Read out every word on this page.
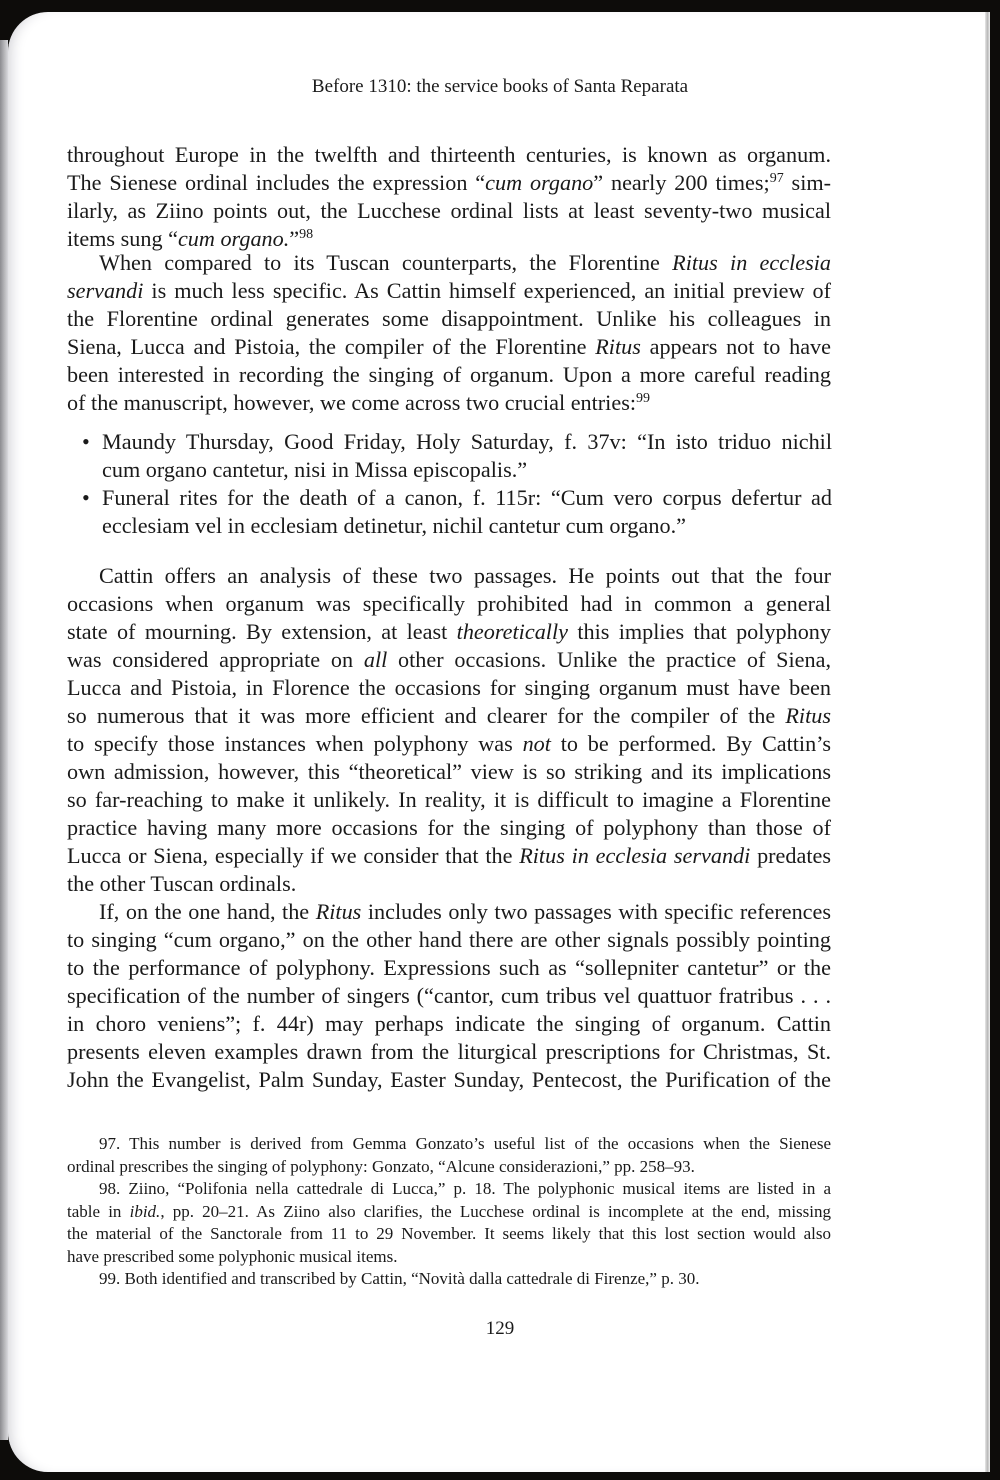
Before 1310: the service books of Santa Reparata
throughout Europe in the twelfth and thirteenth centuries, is known as organum.
The Sienese ordinal includes the expression “cum organo” nearly 200 times;$^{97}$ sim-
ilarly, as Ziino points out, the Lucchese ordinal lists at least seventy-two musical
items sung “cum organo.”$^{98}$
When compared to its Tuscan counterparts, the Florentine Ritus in ecclesia
servandi is much less specific. As Cattin himself experienced, an initial preview of
the Florentine ordinal generates some disappointment. Unlike his colleagues in
Siena, Lucca and Pistoia, the compiler of the Florentine Ritus appears not to have
been interested in recording the singing of organum. Upon a more careful reading
of the manuscript, however, we come across two crucial entries:$^{99}$
• Maundy Thursday, Good Friday, Holy Saturday, f. 37v: “In isto triduo nichil
cum organo cantetur, nisi in Missa episcopalis.”
• Funeral rites for the death of a canon, f. 115r: “Cum vero corpus defertur ad
ecclesiam vel in ecclesiam detinetur, nichil cantetur cum organo.”
Cattin offers an analysis of these two passages. He points out that the four
occasions when organum was specifically prohibited had in common a general
state of mourning. By extension, at least theoretically this implies that polyphony
was considered appropriate on all other occasions. Unlike the practice of Siena,
Lucca and Pistoia, in Florence the occasions for singing organum must have been
so numerous that it was more efficient and clearer for the compiler of the Ritus
to specify those instances when polyphony was not to be performed. By Cattin’s
own admission, however, this “theoretical” view is so striking and its implications
so far-reaching to make it unlikely. In reality, it is difficult to imagine a Florentine
practice having many more occasions for the singing of polyphony than those of
Lucca or Siena, especially if we consider that the Ritus in ecclesia servandi predates
the other Tuscan ordinals.
If, on the one hand, the Ritus includes only two passages with specific references
to singing “cum organo,” on the other hand there are other signals possibly pointing
to the performance of polyphony. Expressions such as “sollepniter cantetur” or the
specification of the number of singers (“cantor, cum tribus vel quattuor fratribus . . .
in choro veniens”; f. 44r) may perhaps indicate the singing of organum. Cattin
presents eleven examples drawn from the liturgical prescriptions for Christmas, St.
John the Evangelist, Palm Sunday, Easter Sunday, Pentecost, the Purification of the
97. This number is derived from Gemma Gonzato’s useful list of the occasions when the Sienese
ordinal prescribes the singing of polyphony: Gonzato, “Alcune considerazioni,” pp. 258–93.
98. Ziino, “Polifonia nella cattedrale di Lucca,” p. 18. The polyphonic musical items are listed in a
table in ibid., pp. 20–21. As Ziino also clarifies, the Lucchese ordinal is incomplete at the end, missing
the material of the Sanctorale from 11 to 29 November. It seems likely that this lost section would also
have prescribed some polyphonic musical items.
99. Both identified and transcribed by Cattin, “Novità dalla cattedrale di Firenze,” p. 30.
129
